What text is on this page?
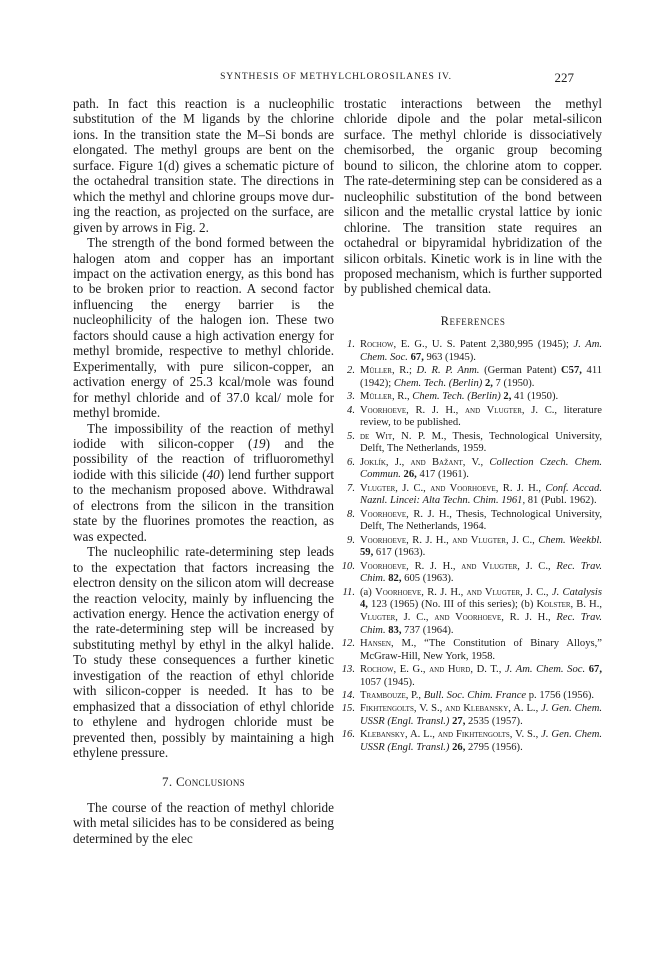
SYNTHESIS OF METHYLCHLOROSILANES IV.	227

path. In fact this reaction is a nucleophilic substitution of the M ligands by the chlorine ions. In the transition state the M–Si bonds are elongated. The methyl groups are bent on the surface. Figure 1(d) gives a schematic picture of the octahedral transition state. The directions in which the methyl and chlorine groups move during the reaction, as projected on the surface, are given by arrows in Fig. 2.

The strength of the bond formed between the halogen atom and copper has an important impact on the activation energy, as this bond has to be broken prior to reaction. A second factor influencing the energy barrier is the nucleophilicity of the halogen ion. These two factors should cause a high activation energy for methyl bromide, respective to methyl chloride. Experimentally, with pure silicon-copper, an activation energy of 25.3 kcal/mole was found for methyl chloride and of 37.0 kcal/ mole for methyl bromide.

The impossibility of the reaction of methyl iodide with silicon-copper (19) and the possibility of the reaction of trifluoromethyl iodide with this silicide (40) lend further support to the mechanism proposed above. Withdrawal of electrons from the silicon in the transition state by the fluorines promotes the reaction, as was expected.

The nucleophilic rate-determining step leads to the expectation that factors increasing the electron density on the silicon atom will decrease the reaction velocity, mainly by influencing the activation energy. Hence the activation energy of the rate-determining step will be increased by substituting methyl by ethyl in the alkyl halide. To study these consequences a further kinetic investigation of the reaction of ethyl chloride with silicon-copper is needed. It has to be emphasized that a dissociation of ethyl chloride to ethylene and hydrogen chloride must be prevented then, possibly by maintaining a high ethylene pressure.

7. Conclusions

The course of the reaction of methyl chloride with metal silicides has to be considered as being determined by the elec

trostatic interactions between the methyl chloride dipole and the polar metal-silicon surface. The methyl chloride is dissociatively chemisorbed, the organic group becoming bound to silicon, the chlorine atom to copper. The rate-determining step can be considered as a nucleophilic substitution of the bond between silicon and the metallic crystal lattice by ionic chlorine. The transition state requires an octahedral or bipyramidal hybridization of the silicon orbitals. Kinetic work is in line with the proposed mechanism, which is further supported by published chemical data.

References
1. Rochow, E. G., U. S. Patent 2,380,995 (1945); J. Am. Chem. Soc. 67, 963 (1945).
2. Müller, R.; D. R. P. Anm. (German Patent) C57, 411 (1942); Chem. Tech. (Berlin) 2, 7 (1950).
3. Müller, R., Chem. Tech. (Berlin) 2, 41 (1950).
4. Voorhoeve, R. J. H., and Vlugter, J. C., literature review, to be published.
5. de Wit, N. P. M., Thesis, Technological University, Delft, The Netherlands, 1959.
6. Joklík, J., and Bažant, V., Collection Czech. Chem. Commun. 26, 417 (1961).
7. Vlugter, J. C., and Voorhoeve, R. J. H., Conf. Accad. Naznl. Lincei: Alta Techn. Chim. 1961, 81 (Publ. 1962).
8. Voorhoeve, R. J. H., Thesis, Technological University, Delft, The Netherlands, 1964.
9. Voorhoeve, R. J. H., and Vlugter, J. C., Chem. Weekbl. 59, 617 (1963).
10. Voorhoeve, R. J. H., and Vlugter, J. C., Rec. Trav. Chim. 82, 605 (1963).
11. (a) Voorhoeve, R. J. H., and Vlugter, J. C., J. Catalysis 4, 123 (1965) (No. III of this series); (b) Kolster, B. H., Vlugter, J. C., and Voorhoeve, R. J. H., Rec. Trav. Chim. 83, 737 (1964).
12. Hansen, M., “The Constitution of Binary Alloys,” McGraw-Hill, New York, 1958.
13. Rochow, E. G., and Hurd, D. T., J. Am. Chem. Soc. 67, 1057 (1945).
14. Trambouze, P., Bull. Soc. Chim. France p. 1756 (1956).
15. Fikhtengolts, V. S., and Klebansky, A. L., J. Gen. Chem. USSR (Engl. Transl.) 27, 2535 (1957).
16. Klebansky, A. L., and Fikhtengolts, V. S., J. Gen. Chem. USSR (Engl. Transl.) 26, 2795 (1956).
